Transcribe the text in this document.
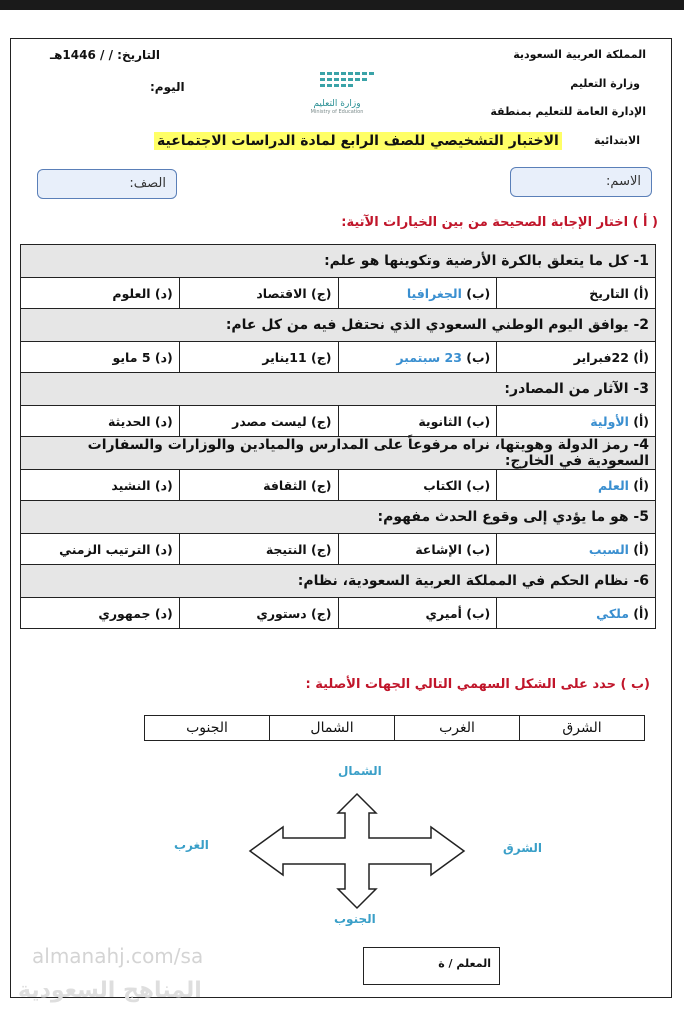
المملكة العربية السعودية
وزارة التعليم
الإدارة العامة للتعليم بمنطقة
الابتدائية
التاريخ: / / 1446هـ
اليوم:
وزارة التعليم
Ministry of Education
الاختبار التشخيصي للصف الرابع لمادة الدراسات الاجتماعية
الاسم:
الصف:
( أ ) اختار الإجابة الصحيحة من بين الخيارات الآتية:
1- كل ما يتعلق بالكرة الأرضية وتكوينها هو علم:			
(أ) التاريخ	(ب) الجغرافيا	(ج) الاقتصاد	(د) العلوم
2- يوافق اليوم الوطني السعودي الذي نحتفل فيه من كل عام:			
(أ) 22فبراير	(ب) 23 سبتمبر	(ج) 11يناير	(د) 5 مايو
3- الآثار من المصادر:			
(أ) الأولية	(ب) الثانوية	(ج) ليست مصدر	(د) الحديثة
4- رمز الدولة وهويتها، نراه مرفوعاً على المدارس والميادين والوزارات والسفارات السعودية في الخارج:			
(أ) العلم	(ب) الكتاب	(ج) الثقافة	(د) النشيد
5- هو ما يؤدي إلى وقوع الحدث مفهوم:			
(أ) السبب	(ب) الإشاعة	(ج) النتيجة	(د) الترتيب الزمني
6- نظام الحكم في المملكة العربية السعودية، نظام:			
(أ) ملكي	(ب) أميري	(ج) دستوري	(د) جمهوري
(ب ) حدد على الشكل السهمي التالي الجهات الأصلية :
الشرق	الغرب	الشمال	الجنوب
الشمال
الجنوب
الشرق
الغرب
المعلم / ة
almanahj.com/sa
المناهج السعودية
